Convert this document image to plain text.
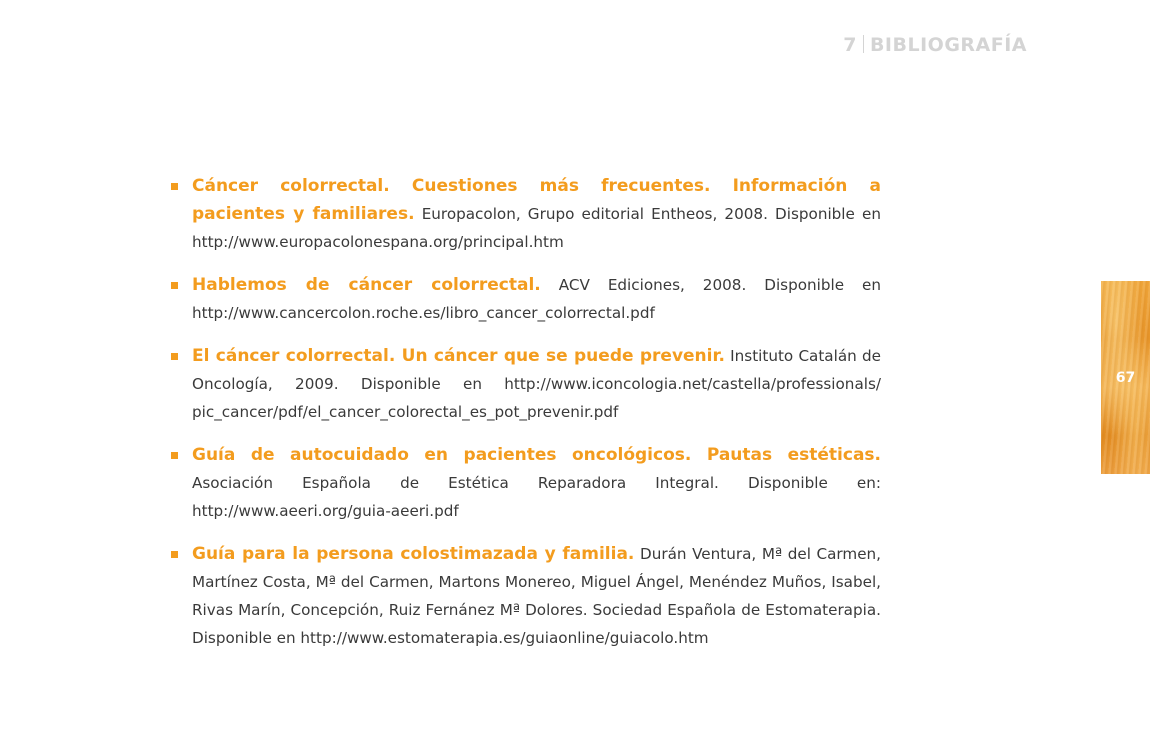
7 BIBLIOGRAFÍA
Cáncer colorrectal. Cuestiones más frecuentes. Información a pacientes y familiares. Europacolon, Grupo editorial Entheos, 2008. Disponible en http://www.europacolonespana.org/principal.htm
Hablemos de cáncer colorrectal. ACV Ediciones, 2008. Disponible en http://www.cancercolon.roche.es/libro_cancer_colorrectal.pdf
El cáncer colorrectal. Un cáncer que se puede prevenir. Instituto Catalán de Oncología, 2009. Disponible en http://www.iconcologia.net/castella/professionals/ pic_cancer/pdf/el_cancer_colorectal_es_pot_prevenir.pdf
Guía de autocuidado en pacientes oncológicos. Pautas estéticas. Asociación Española de Estética Reparadora Integral. Disponible en: http://www.aeeri.org/guia-aeeri.pdf
Guía para la persona colostimazada y familia. Durán Ventura, Mª del Carmen, Martínez Costa, Mª del Carmen, Martons Monereo, Miguel Ángel, Menéndez Muños, Isabel, Rivas Marín, Concepción, Ruiz Fernánez Mª Dolores. Sociedad Española de Estomaterapia. Disponible en http://www.estomaterapia.es/guiaonline/guiacolo.htm
67
